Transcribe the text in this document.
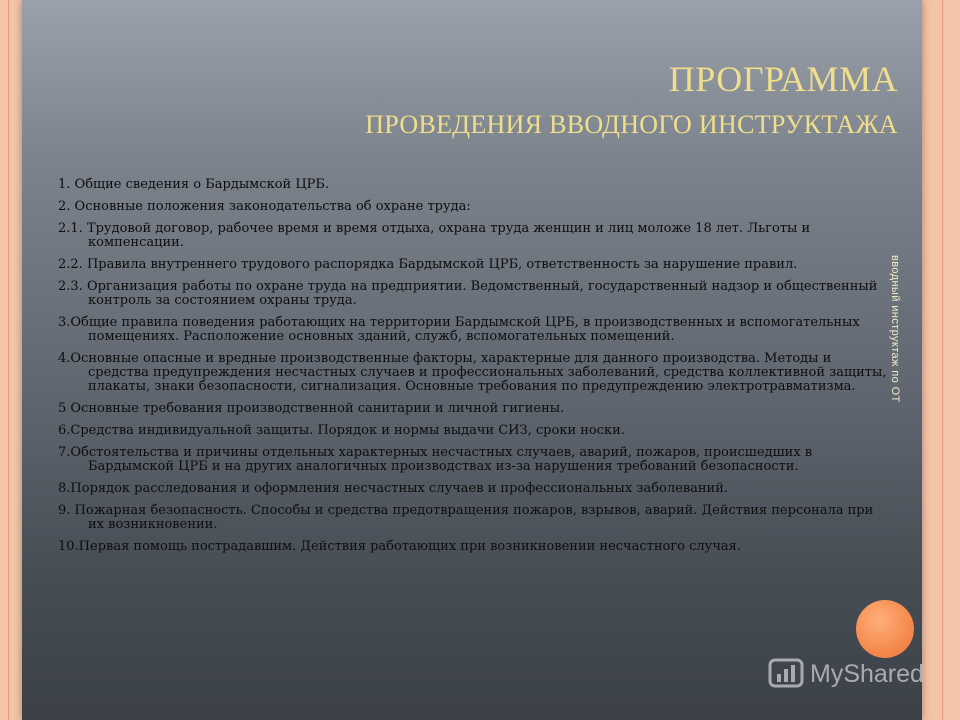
ПРОГРАММА
ПРОВЕДЕНИЯ ВВОДНОГО ИНСТРУКТАЖА
1. Общие сведения о Бардымской ЦРБ.
2. Основные положения законодательства об охране труда:
2.1. Трудовой договор, рабочее время и время отдыха, охрана труда женщин и лиц моложе 18 лет. Льготы и компенсации.
2.2. Правила внутреннего трудового распорядка Бардымской ЦРБ, ответственность за нарушение правил.
2.3. Организация работы по охране труда на предприятии. Ведомственный, государственный надзор и общественный контроль за состоянием охраны труда.
3.Общие правила поведения работающих на территории Бардымской ЦРБ, в производственных и вспомогательных помещениях. Расположение основных зданий, служб, вспомогательных помещений.
4.Основные опасные и вредные производственные факторы, характерные для данного производства. Методы и средства предупреждения несчастных случаев и профессиональных заболеваний, средства коллективной защиты, плакаты, знаки безопасности, сигнализация. Основные требования по предупреждению электротравматизма.
5 Основные требования производственной санитарии и личной гигиены.
6.Средства индивидуальной защиты. Порядок и нормы выдачи СИЗ, сроки носки.
7.Обстоятельства и причины отдельных характерных несчастных случаев, аварий, пожаров, происшедших в Бардымской ЦРБ и на других аналогичных производствах из-за нарушения требований безопасности.
8.Порядок расследования и оформления несчастных случаев и профессиональных заболеваний.
9. Пожарная безопасность. Способы и средства предотвращения пожаров, взрывов, аварий. Действия персонала при их возникновении.
10.Первая помощь пострадавшим. Действия работающих при возникновении несчастного случая.
вводный инструктаж по ОТ
MyShared
